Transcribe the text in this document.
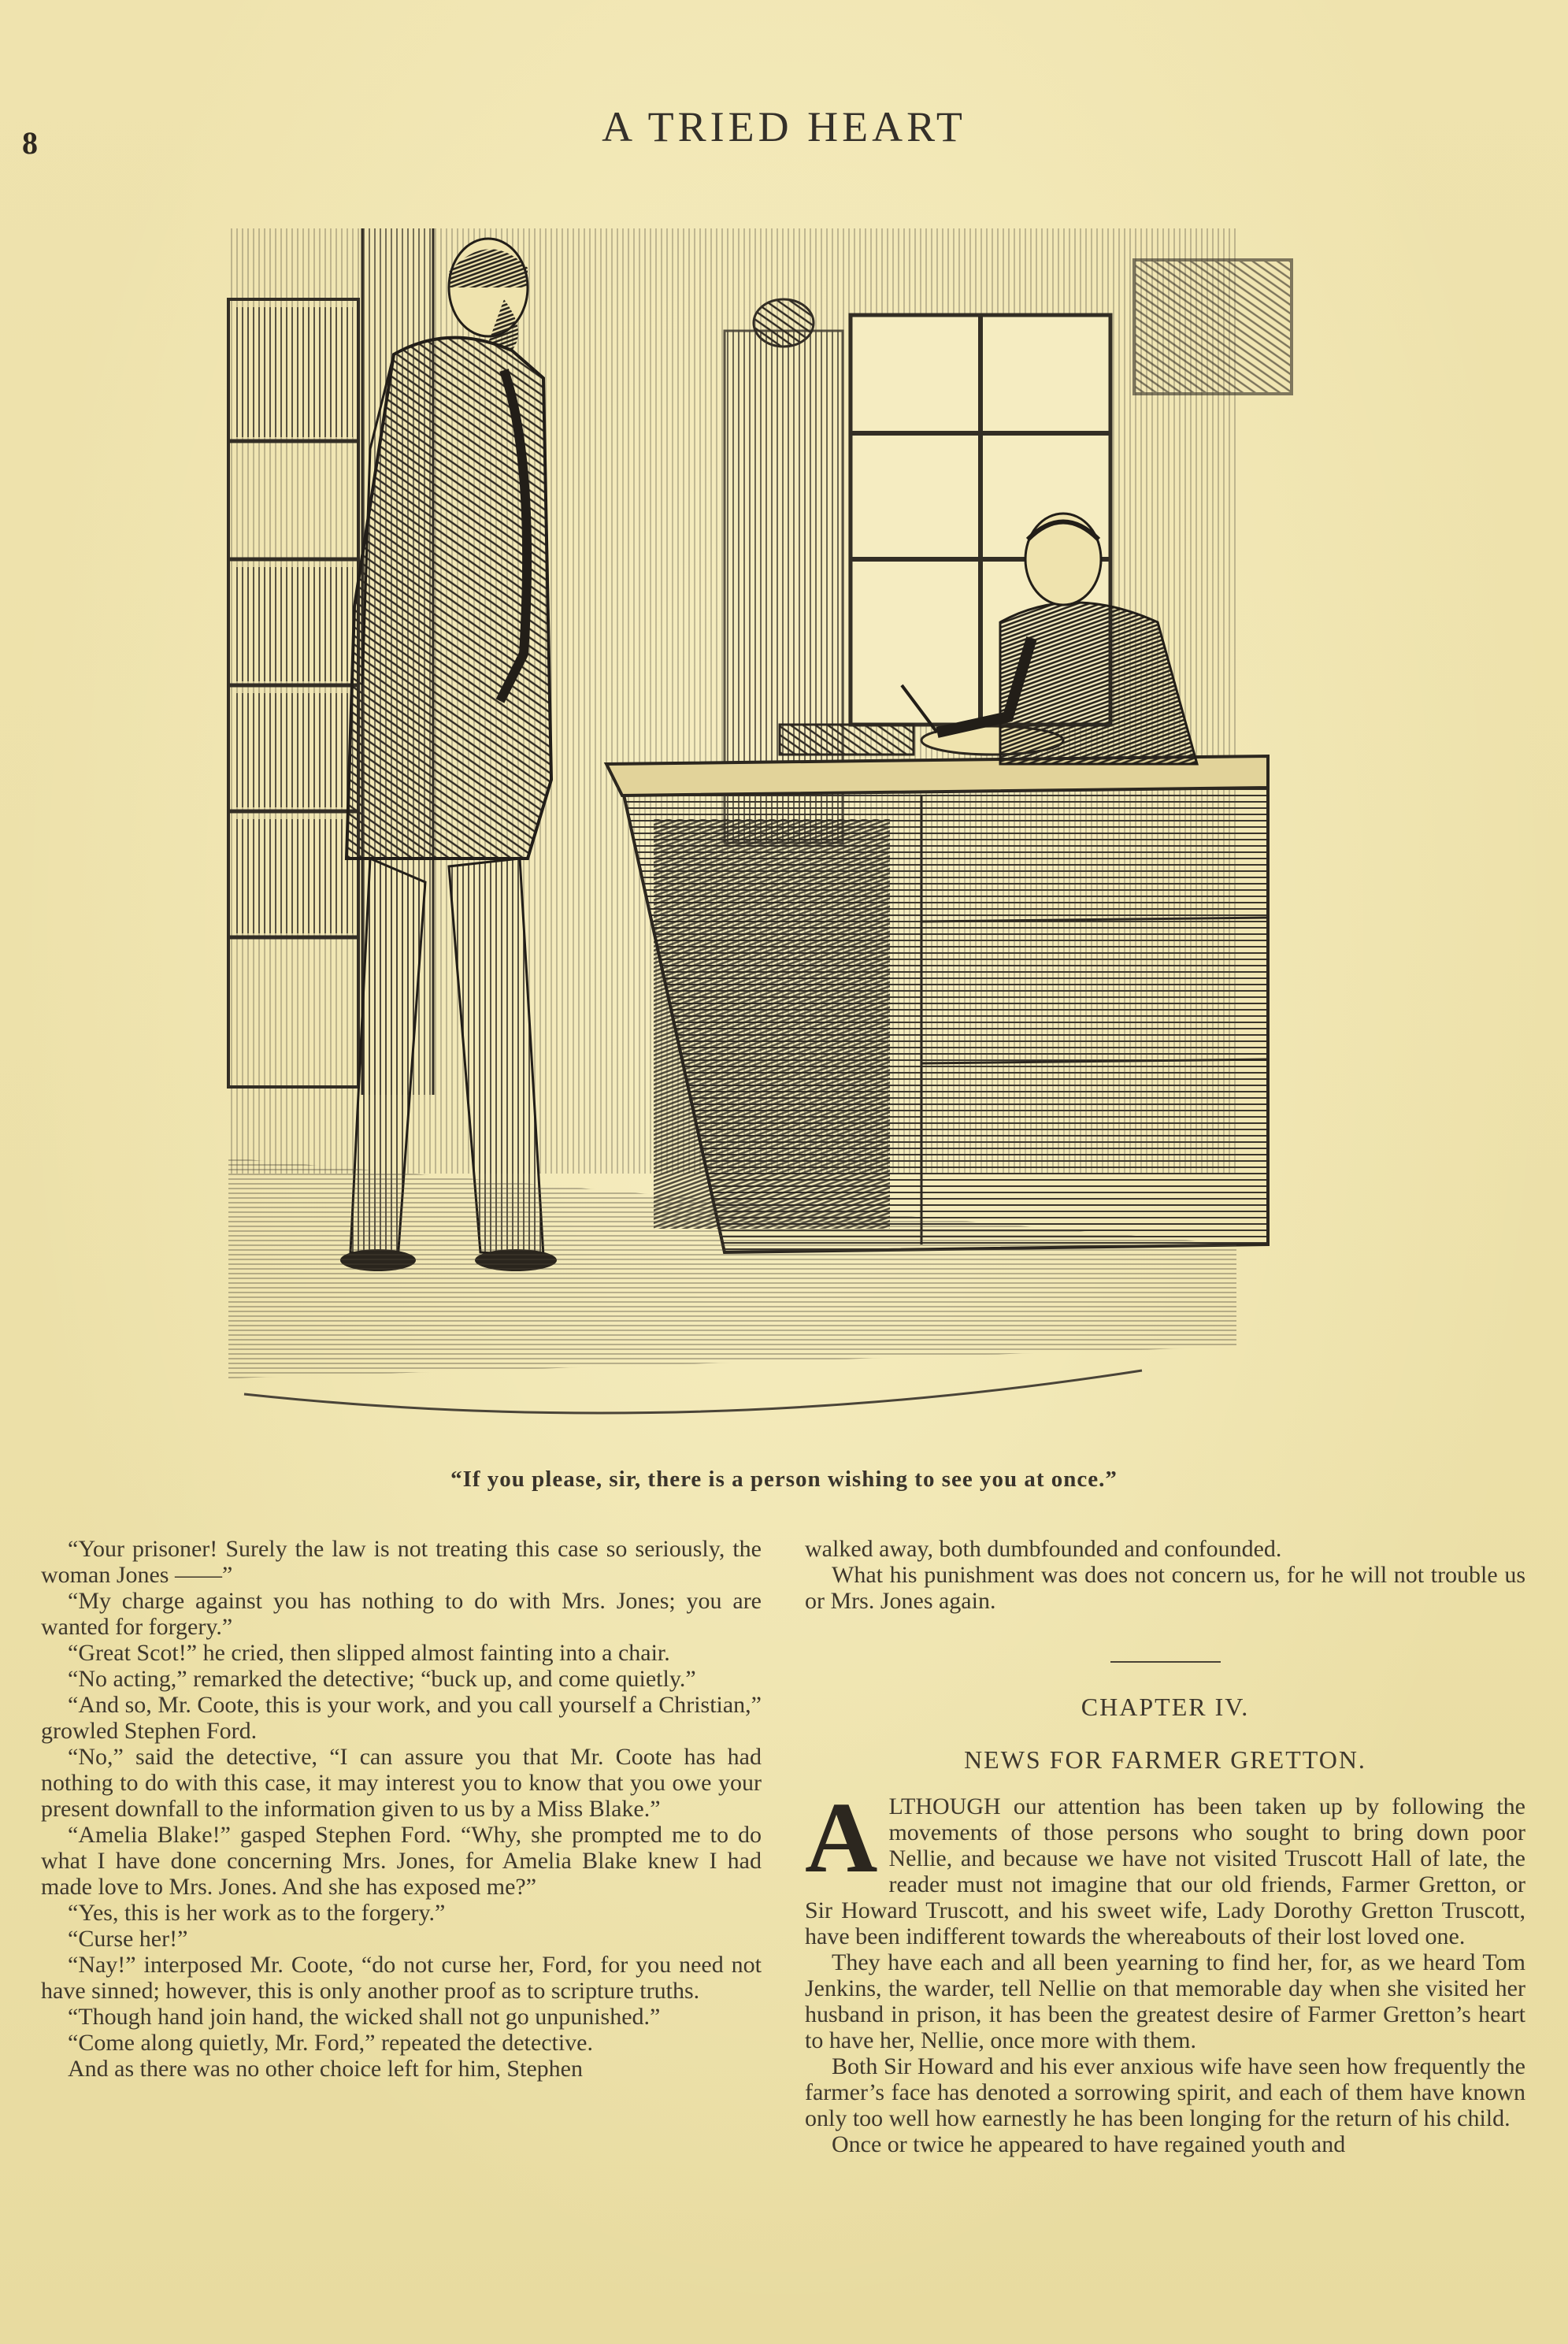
8	A TRIED HEART
“If you please, sir, there is a person wishing to see you at once.”

“Your prisoner! Surely the law is not treating this case so seriously, the woman Jones ——”

“My charge against you has nothing to do with Mrs. Jones; you are wanted for forgery.”

“Great Scot!” he cried, then slipped almost fainting into a chair.

“No acting,” remarked the detective; “buck up, and come quietly.”

“And so, Mr. Coote, this is your work, and you call yourself a Christian,” growled Stephen Ford.

“No,” said the detective, “I can assure you that Mr. Coote has had nothing to do with this case, it may interest you to know that you owe your present downfall to the information given to us by a Miss Blake.”

“Amelia Blake!” gasped Stephen Ford. “Why, she prompted me to do what I have done concerning Mrs. Jones, for Amelia Blake knew I had made love to Mrs. Jones. And she has exposed me?”

“Yes, this is her work as to the forgery.”

“Curse her!”

“Nay!” interposed Mr. Coote, “do not curse her, Ford, for you need not have sinned; however, this is only another proof as to scripture truths.

“Though hand join hand, the wicked shall not go unpunished.”

“Come along quietly, Mr. Ford,” repeated the detective.

And as there was no other choice left for him, Stephen

walked away, both dumbfounded and confounded.

What his punishment was does not concern us, for he will not trouble us or Mrs. Jones again.

CHAPTER IV.
NEWS FOR FARMER GRETTON.

ALTHOUGH our attention has been taken up by following the movements of those persons who sought to bring down poor Nellie, and because we have not visited Truscott Hall of late, the reader must not imagine that our old friends, Farmer Gretton, or Sir Howard Truscott, and his sweet wife, Lady Dorothy Gretton Truscott, have been indifferent towards the whereabouts of their lost loved one.

They have each and all been yearning to find her, for, as we heard Tom Jenkins, the warder, tell Nellie on that memorable day when she visited her husband in prison, it has been the greatest desire of Farmer Gretton’s heart to have her, Nellie, once more with them.

Both Sir Howard and his ever anxious wife have seen how frequently the farmer’s face has denoted a sorrowing spirit, and each of them have known only too well how earnestly he has been longing for the return of his child.

Once or twice he appeared to have regained youth and
